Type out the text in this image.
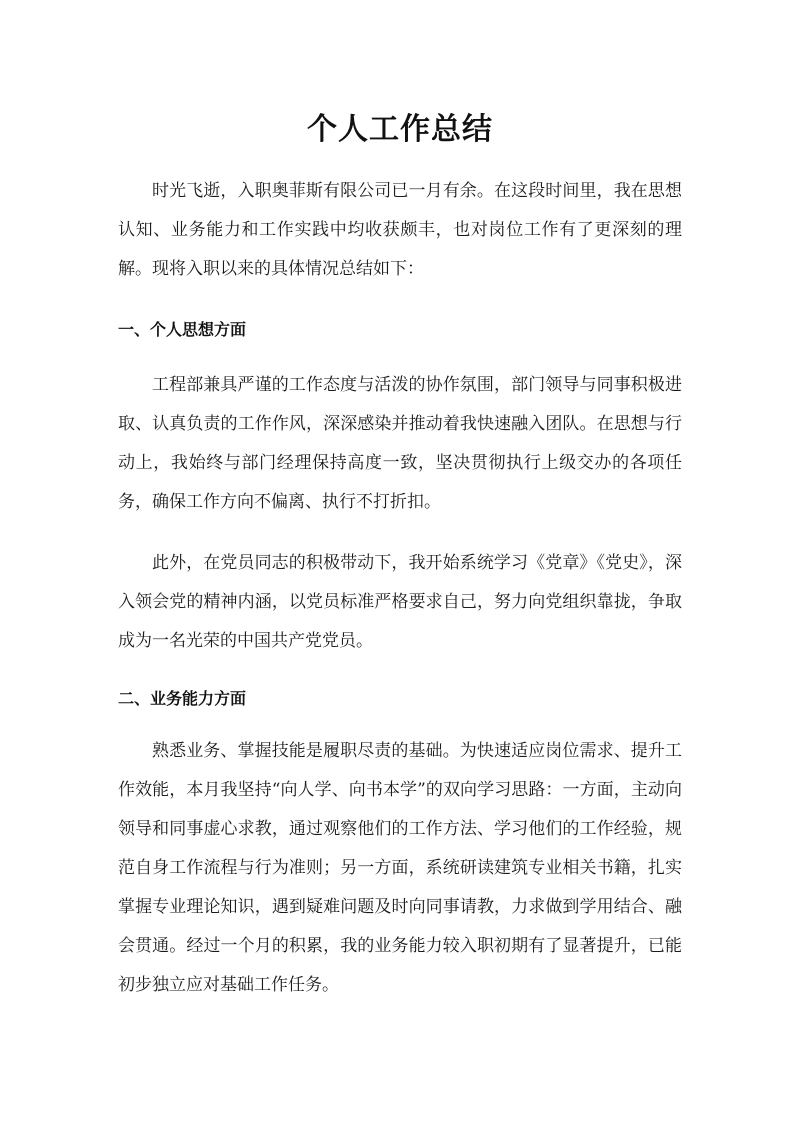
个人工作总结

时光飞逝，入职奥菲斯有限公司已一月有余。在这段时间里，我在思想认知、业务能力和工作实践中均收获颇丰，也对岗位工作有了更深刻的理解。现将入职以来的具体情况总结如下：

一、个人思想方面

工程部兼具严谨的工作态度与活泼的协作氛围，部门领导与同事积极进取、认真负责的工作作风，深深感染并推动着我快速融入团队。在思想与行动上，我始终与部门经理保持高度一致，坚决贯彻执行上级交办的各项任务，确保工作方向不偏离、执行不打折扣。

此外，在党员同志的积极带动下，我开始系统学习《党章》《党史》，深入领会党的精神内涵，以党员标准严格要求自己，努力向党组织靠拢，争取成为一名光荣的中国共产党党员。

二、业务能力方面

熟悉业务、掌握技能是履职尽责的基础。为快速适应岗位需求、提升工作效能，本月我坚持“向人学、向书本学”的双向学习思路：一方面，主动向领导和同事虚心求教，通过观察他们的工作方法、学习他们的工作经验，规范自身工作流程与行为准则；另一方面，系统研读建筑专业相关书籍，扎实掌握专业理论知识，遇到疑难问题及时向同事请教，力求做到学用结合、融会贯通。经过一个月的积累，我的业务能力较入职初期有了显著提升，已能初步独立应对基础工作任务。
